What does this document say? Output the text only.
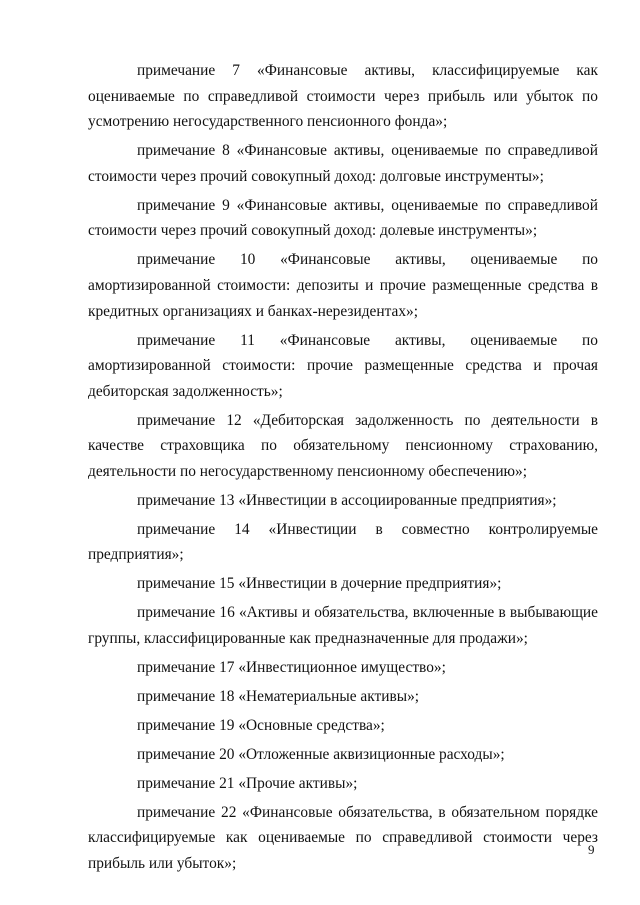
примечание 7 «Финансовые активы, классифицируемые как оцениваемые по справедливой стоимости через прибыль или убыток по усмотрению негосударственного пенсионного фонда»;

примечание 8 «Финансовые активы, оцениваемые по справедливой стоимости через прочий совокупный доход: долговые инструменты»;

примечание 9 «Финансовые активы, оцениваемые по справедливой стоимости через прочий совокупный доход: долевые инструменты»;

примечание 10 «Финансовые активы, оцениваемые по амортизированной стоимости: депозиты и прочие размещенные средства в кредитных организациях и банках-нерезидентах»;

примечание 11 «Финансовые активы, оцениваемые по амортизированной стоимости: прочие размещенные средства и прочая дебиторская задолженность»;

примечание 12 «Дебиторская задолженность по деятельности в качестве страховщика по обязательному пенсионному страхованию, деятельности по негосударственному пенсионному обеспечению»;

примечание 13 «Инвестиции в ассоциированные предприятия»;

примечание 14 «Инвестиции в совместно контролируемые предприятия»;

примечание 15 «Инвестиции в дочерние предприятия»;

примечание 16 «Активы и обязательства, включенные в выбывающие группы, классифицированные как предназначенные для продажи»;

примечание 17 «Инвестиционное имущество»;

примечание 18 «Нематериальные активы»;

примечание 19 «Основные средства»;

примечание 20 «Отложенные аквизиционные расходы»;

примечание 21 «Прочие активы»;

примечание 22 «Финансовые обязательства, в обязательном порядке классифицируемые как оцениваемые по справедливой стоимости через прибыль или убыток»;

9
